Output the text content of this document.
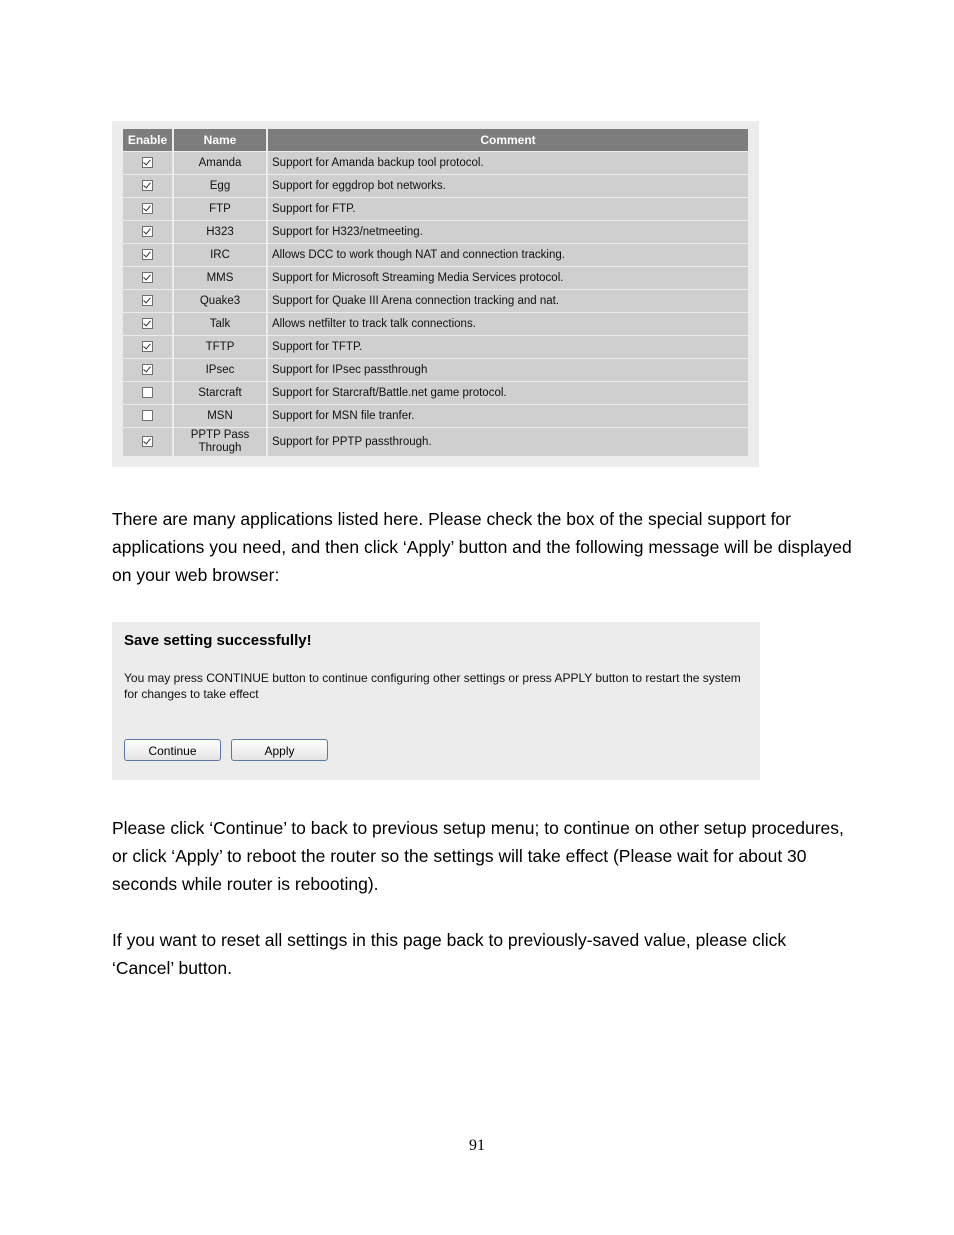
Enable	Name	Comment
	Amanda	Support for Amanda backup tool protocol.
	Egg	Support for eggdrop bot networks.
	FTP	Support for FTP.
	H323	Support for H323/netmeeting.
	IRC	Allows DCC to work though NAT and connection tracking.
	MMS	Support for Microsoft Streaming Media Services protocol.
	Quake3	Support for Quake III Arena connection tracking and nat.
	Talk	Allows netfilter to track talk connections.
	TFTP	Support for TFTP.
	IPsec	Support for IPsec passthrough
	Starcraft	Support for Starcraft/Battle.net game protocol.
	MSN	Support for MSN file tranfer.
	PPTP Pass Through	Support for PPTP passthrough.

There are many applications listed here. Please check the box of the special support for applications you need, and then click ‘Apply’ button and the following message will be displayed on your web browser:

Save setting successfully!
You may press CONTINUE button to continue configuring other settings or press APPLY button to restart the system for changes to take effect
Continue	Apply

Please click ‘Continue’ to back to previous setup menu; to continue on other setup procedures, or click ‘Apply’ to reboot the router so the settings will take effect (Please wait for about 30 seconds while router is rebooting).

If you want to reset all settings in this page back to previously-saved value, please click ‘Cancel’ button.

91
